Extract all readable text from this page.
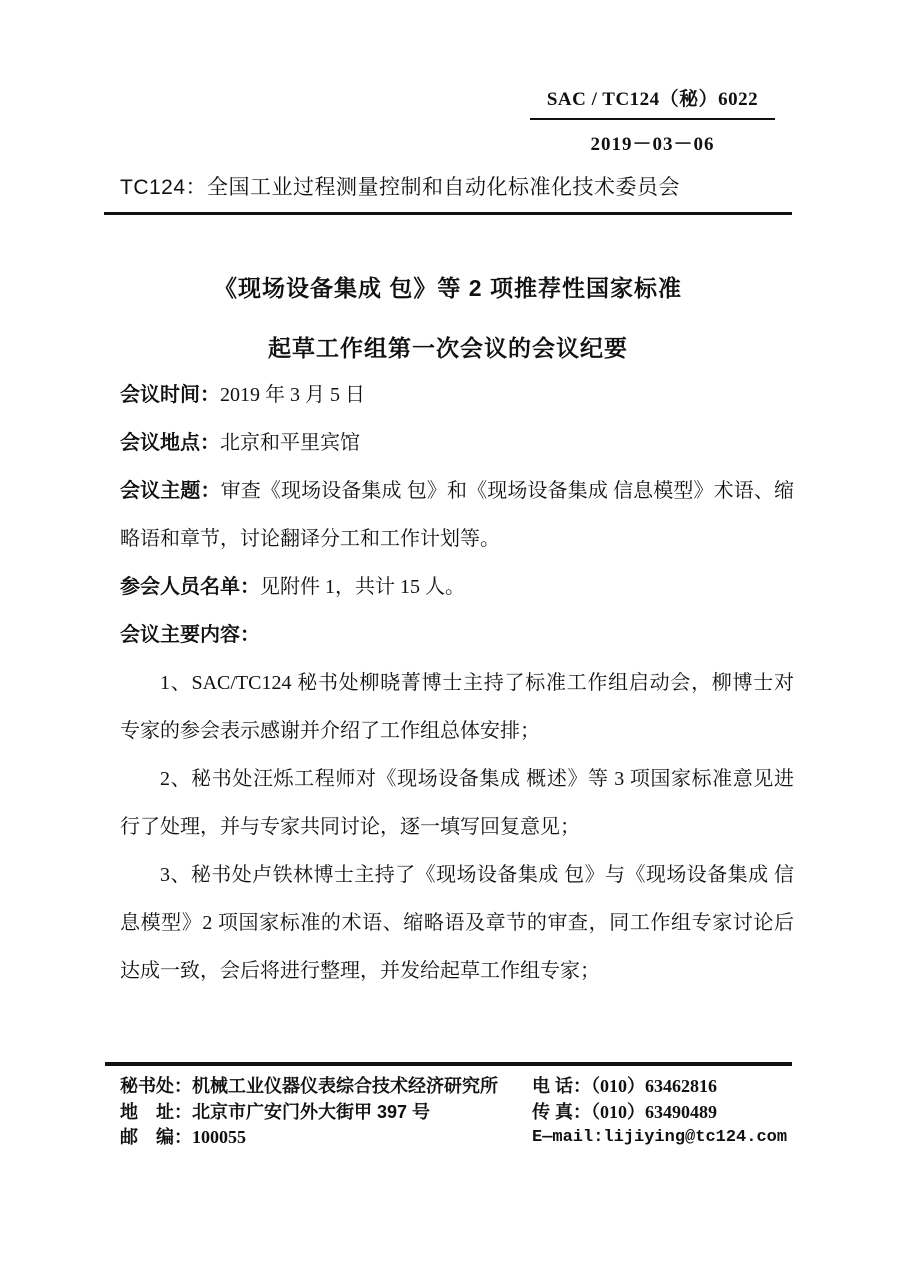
SAC / TC124（秘）6022
2019－03－06
TC124：全国工业过程测量控制和自动化标准化技术委员会
《现场设备集成 包》等 2 项推荐性国家标准
起草工作组第一次会议的会议纪要

会议时间：2019 年 3 月 5 日

会议地点：北京和平里宾馆

会议主题：审查《现场设备集成 包》和《现场设备集成 信息模型》术语、缩略语和章节，讨论翻译分工和工作计划等。

参会人员名单：见附件 1，共计 15 人。

会议主要内容：

1、SAC/TC124 秘书处柳晓菁博士主持了标准工作组启动会，柳博士对专家的参会表示感谢并介绍了工作组总体安排；

2、秘书处汪烁工程师对《现场设备集成 概述》等 3 项国家标准意见进行了处理，并与专家共同讨论，逐一填写回复意见；

3、秘书处卢铁林博士主持了《现场设备集成 包》与《现场设备集成 信息模型》2 项国家标准的术语、缩略语及章节的审查，同工作组专家讨论后达成一致，会后将进行整理，并发给起草工作组专家；

秘书处：机械工业仪器仪表综合技术经济研究所

地　址：北京市广安门外大街甲 397 号

邮　编：100055

电 话：（010）63462816

传 真：（010）63490489

E—mail:lijiying@tc124.com
